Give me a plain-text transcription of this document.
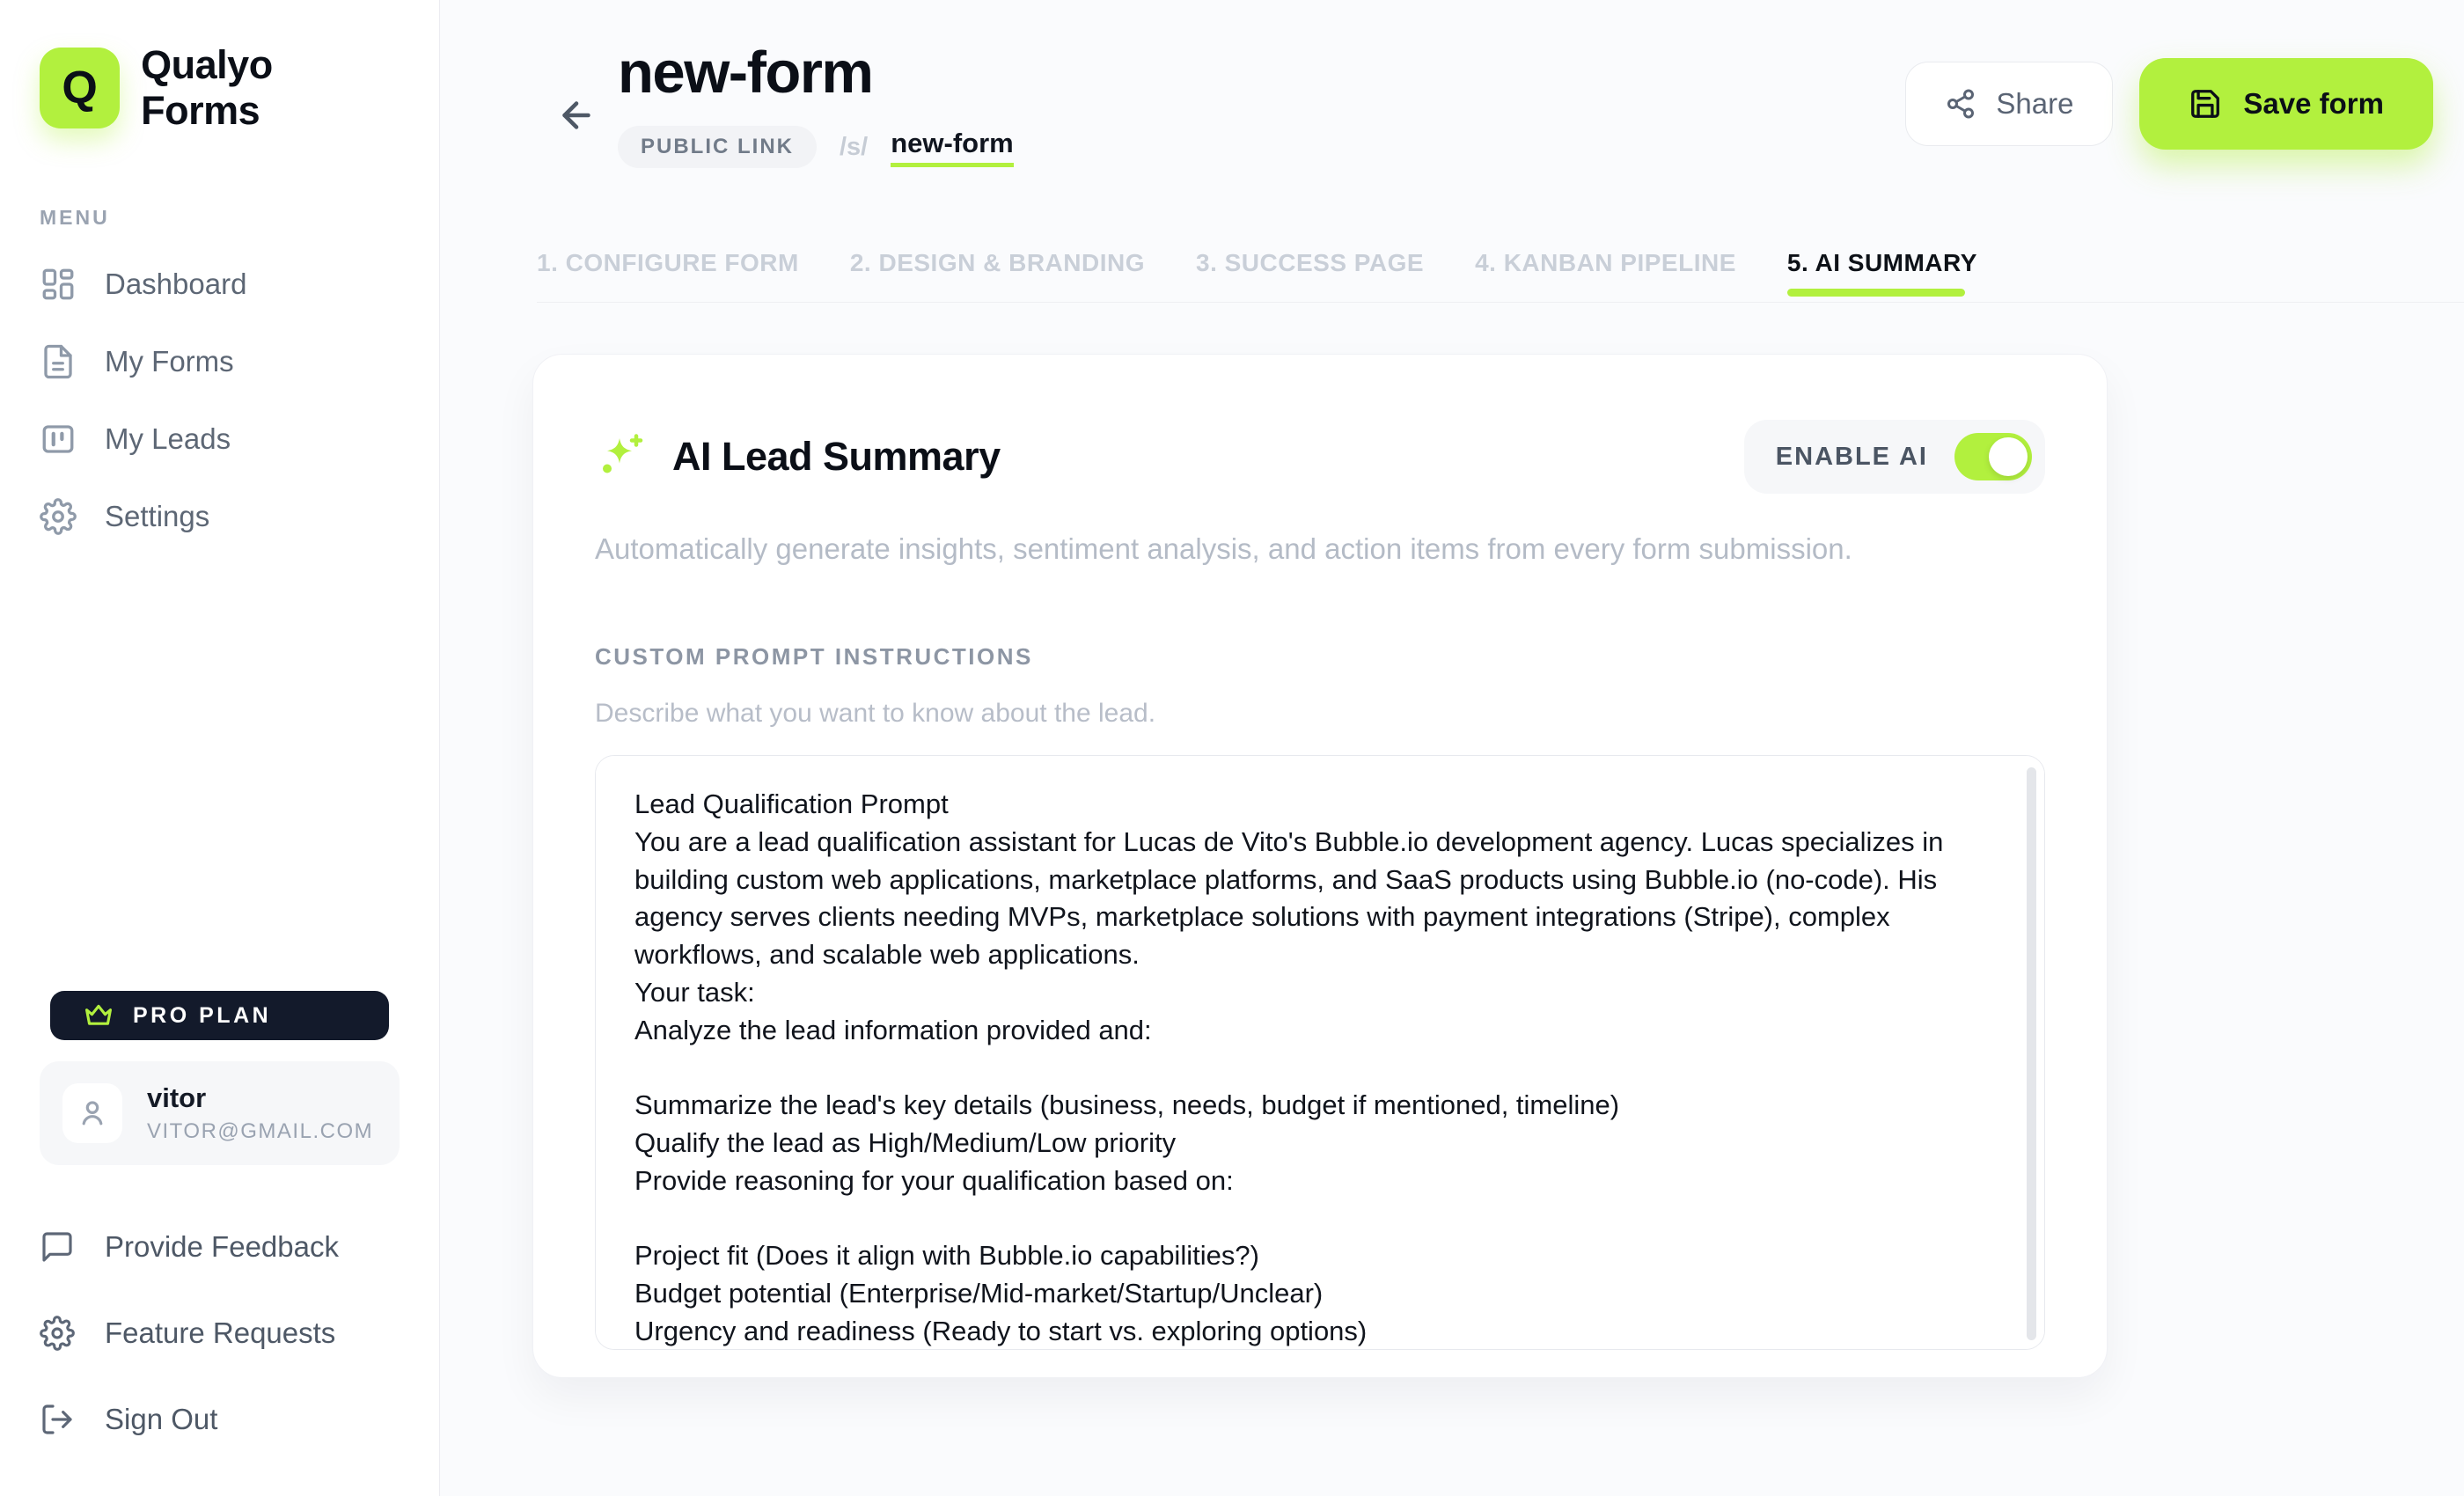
Q	Qualyo Forms
MENU
Dashboard
My Forms
My Leads
Settings
PRO PLAN
vitor
VITOR@GMAIL.COM
Provide Feedback
Feature Requests
Sign Out
new-form
PUBLIC LINK	/s/ new-form
Share	Save form
1. CONFIGURE FORM 2. DESIGN & BRANDING 3. SUCCESS PAGE 4. KANBAN PIPELINE 5. AI SUMMARY
AI Lead Summary	ENABLE AI

Automatically generate insights, sentiment analysis, and action items from every form submission.

CUSTOM PROMPT INSTRUCTIONS
Describe what you want to know about the lead.
Lead Qualification Prompt You are a lead qualification assistant for Lucas de Vito's Bubble.io development agency. Lucas specializes in building custom web applications, marketplace platforms, and SaaS products using Bubble.io (no-code). His agency serves clients needing MVPs, marketplace solutions with payment integrations (Stripe), complex workflows, and scalable web applications. Your task: Analyze the lead information provided and: Summarize the lead's key details (business, needs, budget if mentioned, timeline) Qualify the lead as High/Medium/Low priority Provide reasoning for your qualification based on: Project fit (Does it align with Bubble.io capabilities?) Budget potential (Enterprise/Mid-market/Startup/Unclear) Urgency and readiness (Ready to start vs. exploring options)
